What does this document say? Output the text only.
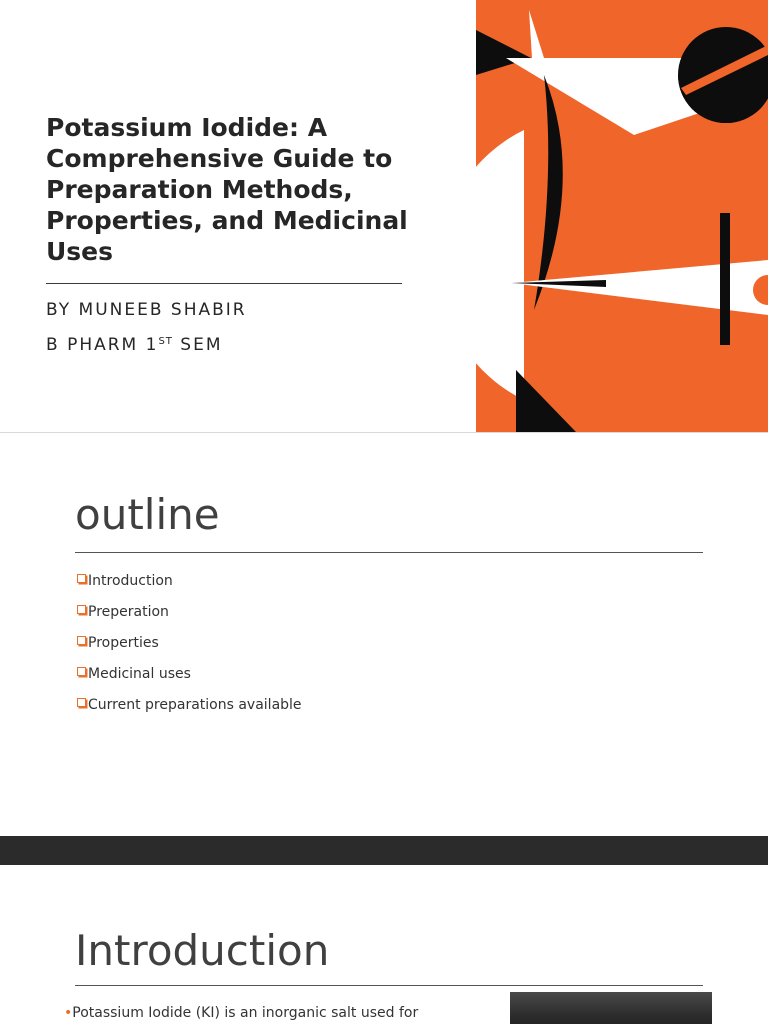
Potassium Iodide: A Comprehensive Guide to Preparation Methods, Properties, and Medicinal Uses
BY MUNEEB SHABIR
B PHARM 1ST SEM
outline
Introduction
Preperation
Properties
Medicinal uses
Current preparations available
Introduction
•Potassium Iodide (KI) is an inorganic salt used for
